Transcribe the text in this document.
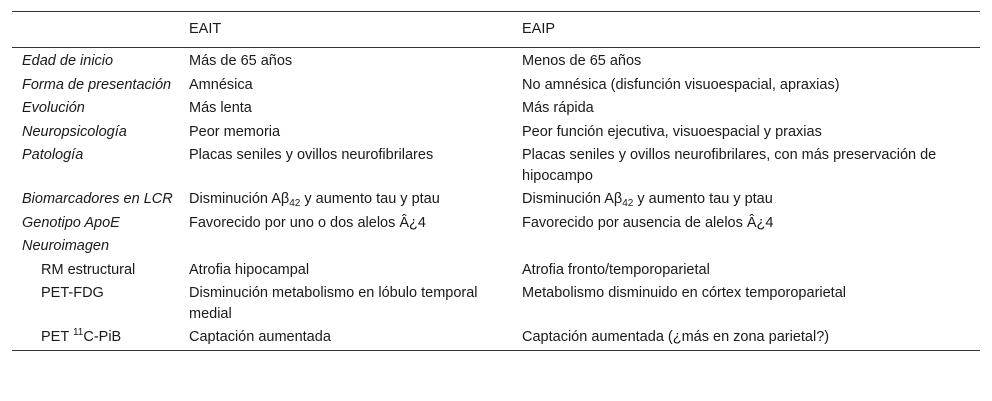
	EAIT	EAIP
Edad de inicio	Más de 65 años	Menos de 65 años
Forma de presentación	Amnésica	No amnésica (disfunción visuoespacial, apraxias)
Evolución	Más lenta	Más rápida
Neuropsicología	Peor memoria	Peor función ejecutiva, visuoespacial y praxias
Patología	Placas seniles y ovillos neurofibrilares	Placas seniles y ovillos neurofibrilares, con más preservación de hipocampo
Biomarcadores en LCR	Disminución $A\beta_{42}$ y aumento tau y ptau	Disminución $A\beta_{42}$ y aumento tau y ptau
Genotipo ApoE	Favorecido por uno o dos alelos Â¿4	Favorecido por ausencia de alelos Â¿4
Neuroimagen		
RM estructural	Atrofia hipocampal	Atrofia fronto/temporoparietal
PET-FDG	Disminución metabolismo en lóbulo temporal medial	Metabolismo disminuido en córtex temporoparietal
PET $^{11}$C-PiB	Captación aumentada	Captación aumentada (¿más en zona parietal?)
